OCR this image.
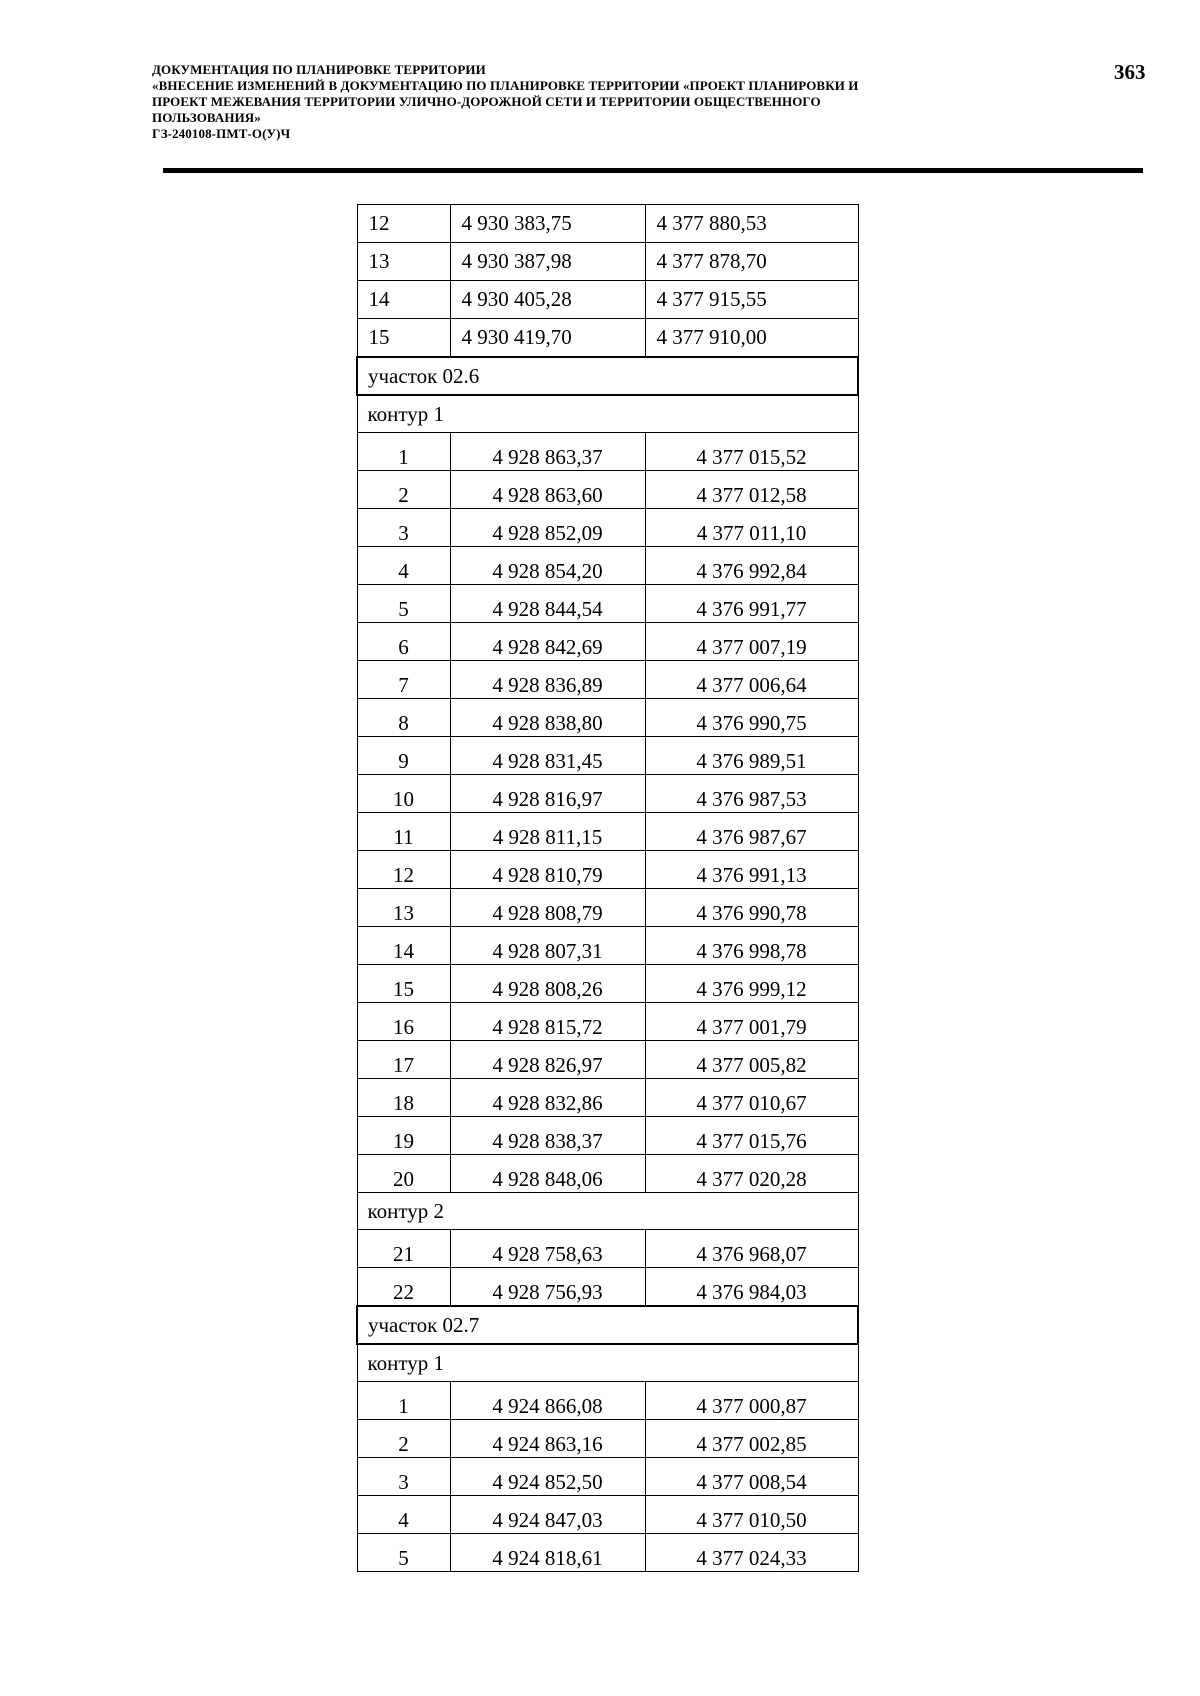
ДОКУМЕНТАЦИЯ ПО ПЛАНИРОВКЕ ТЕРРИТОРИИ
«ВНЕСЕНИЕ ИЗМЕНЕНИЙ В ДОКУМЕНТАЦИЮ ПО ПЛАНИРОВКЕ ТЕРРИТОРИИ «ПРОЕКТ ПЛАНИРОВКИ И
ПРОЕКТ МЕЖЕВАНИЯ ТЕРРИТОРИИ УЛИЧНО-ДОРОЖНОЙ СЕТИ И ТЕРРИТОРИИ ОБЩЕСТВЕННОГО
ПОЛЬЗОВАНИЯ»
ГЗ-240108-ПМТ-О(У)Ч
363
12	4 930 383,75	4 377 880,53
13	4 930 387,98	4 377 878,70
14	4 930 405,28	4 377 915,55
15	4 930 419,70	4 377 910,00
участок 02.6		
контур 1		
1	4 928 863,37	4 377 015,52
2	4 928 863,60	4 377 012,58
3	4 928 852,09	4 377 011,10
4	4 928 854,20	4 376 992,84
5	4 928 844,54	4 376 991,77
6	4 928 842,69	4 377 007,19
7	4 928 836,89	4 377 006,64
8	4 928 838,80	4 376 990,75
9	4 928 831,45	4 376 989,51
10	4 928 816,97	4 376 987,53
11	4 928 811,15	4 376 987,67
12	4 928 810,79	4 376 991,13
13	4 928 808,79	4 376 990,78
14	4 928 807,31	4 376 998,78
15	4 928 808,26	4 376 999,12
16	4 928 815,72	4 377 001,79
17	4 928 826,97	4 377 005,82
18	4 928 832,86	4 377 010,67
19	4 928 838,37	4 377 015,76
20	4 928 848,06	4 377 020,28
контур 2		
21	4 928 758,63	4 376 968,07
22	4 928 756,93	4 376 984,03
участок 02.7		
контур 1		
1	4 924 866,08	4 377 000,87
2	4 924 863,16	4 377 002,85
3	4 924 852,50	4 377 008,54
4	4 924 847,03	4 377 010,50
5	4 924 818,61	4 377 024,33
